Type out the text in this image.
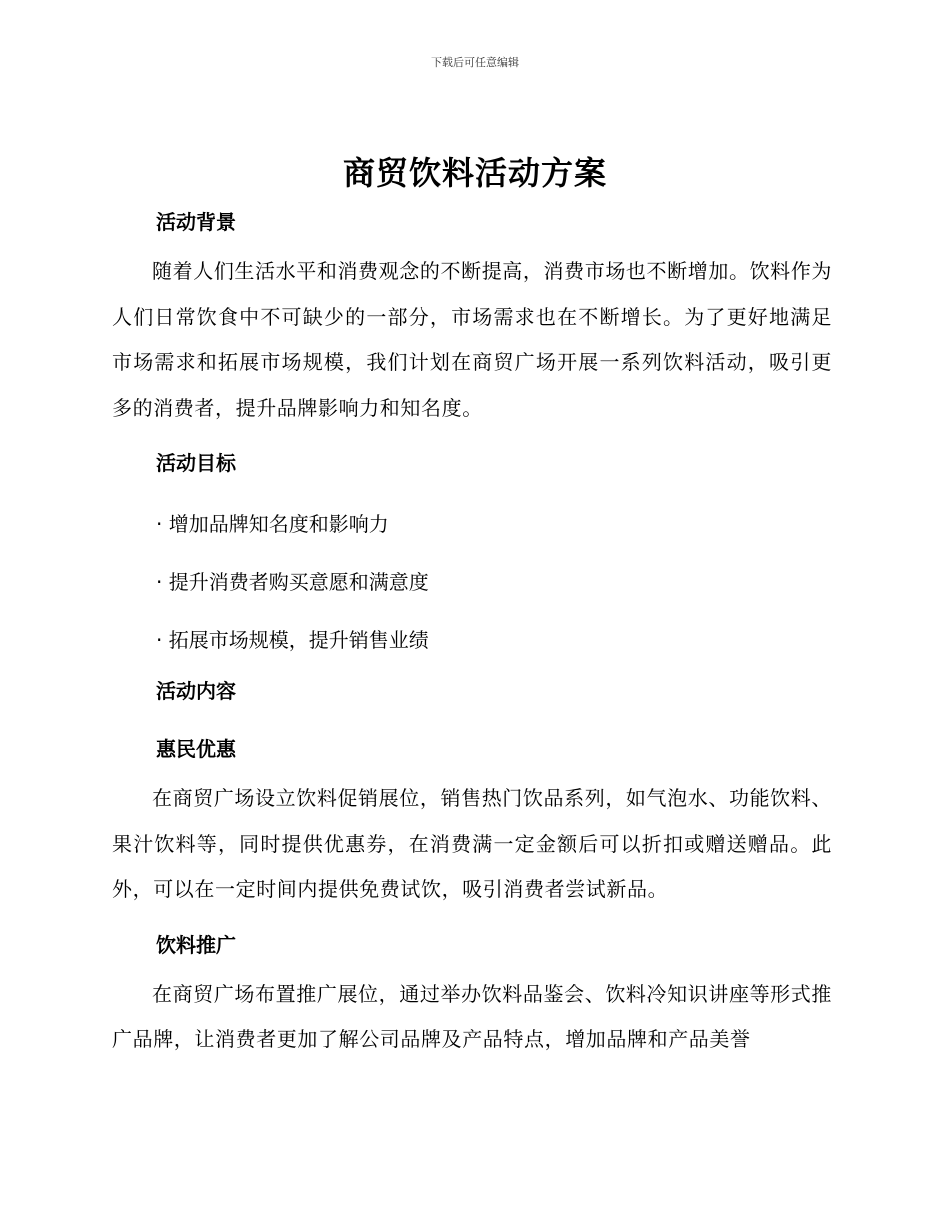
下载后可任意编辑
商贸饮料活动方案
活动背景

随着人们生活水平和消费观念的不断提高，消费市场也不断增加。饮料作为人们日常饮食中不可缺少的一部分，市场需求也在不断增长。为了更好地满足市场需求和拓展市场规模，我们计划在商贸广场开展一系列饮料活动，吸引更多的消费者，提升品牌影响力和知名度。

活动目标

· 增加品牌知名度和影响力

· 提升消费者购买意愿和满意度

· 拓展市场规模，提升销售业绩

活动内容
惠民优惠

在商贸广场设立饮料促销展位，销售热门饮品系列，如气泡水、功能饮料、果汁饮料等，同时提供优惠券，在消费满一定金额后可以折扣或赠送赠品。此外，可以在一定时间内提供免费试饮，吸引消费者尝试新品。

饮料推广

在商贸广场布置推广展位，通过举办饮料品鉴会、饮料冷知识讲座等形式推广品牌，让消费者更加了解公司品牌及产品特点，增加品牌和产品美誉
